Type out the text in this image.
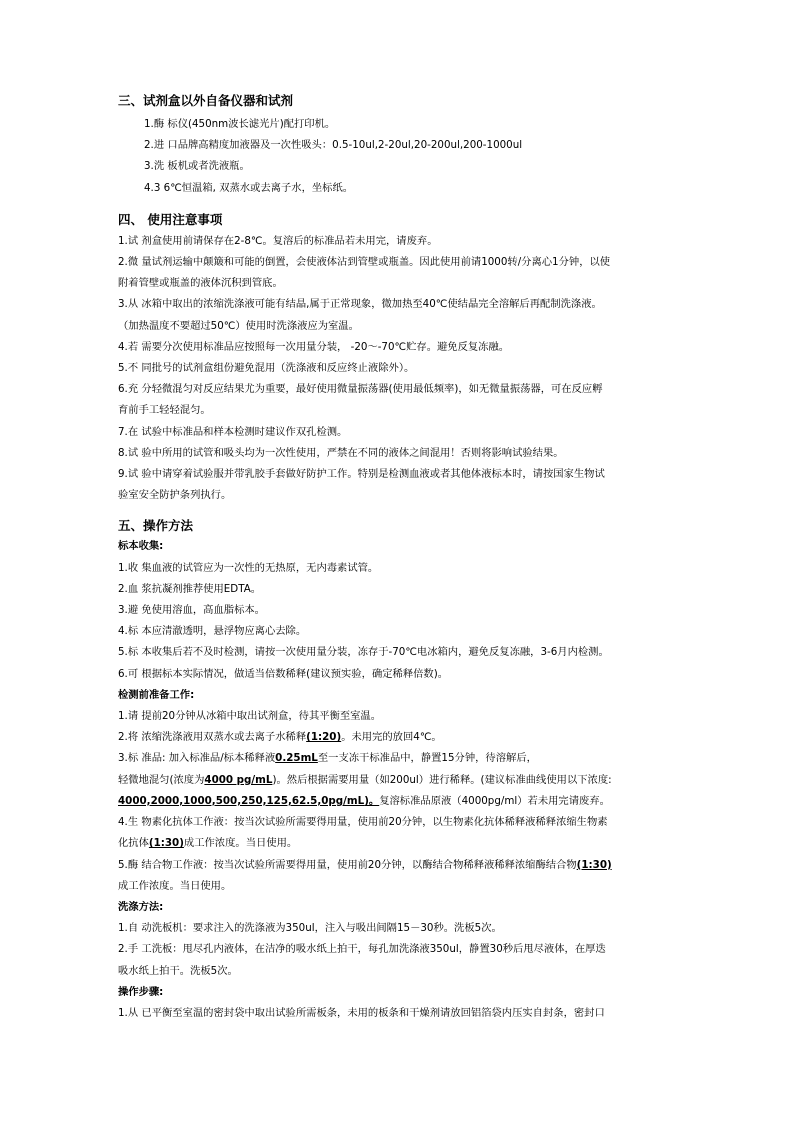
三、试剂盒以外自备仪器和试剂

1.酶 标仪(450nm波长滤光片)配打印机。

2.进 口品牌高精度加液器及一次性吸头：0.5-10ul,2-20ul,20-200ul,200-1000ul

3.洗 板机或者洗液瓶。

4.3 6℃恒温箱, 双蒸水或去离子水，坐标纸。

四、 使用注意事项

1.试 剂盒使用前请保存在2-8℃。复溶后的标准品若未用完，请废弃。

2.微 量试剂运输中颠簸和可能的倒置，会使液体沾到管壁或瓶盖。因此使用前请1000转/分离心1分钟，以使

附着管壁或瓶盖的液体沉积到管底。

3.从 冰箱中取出的浓缩洗涤液可能有结晶,属于正常现象，微加热至40℃使结晶完全溶解后再配制洗涤液。

（加热温度不要超过50℃）使用时洗涤液应为室温。

4.若 需要分次使用标准品应按照每一次用量分装， -20～-70℃贮存。避免反复冻融。

5.不 同批号的试剂盒组份避免混用（洗涤液和反应终止液除外）。

6.充 分轻微混匀对反应结果尤为重要，最好使用微量振荡器(使用最低频率)，如无微量振荡器，可在反应孵

育前手工轻轻混匀。

7.在 试验中标准品和样本检测时建议作双孔检测。

8.试 验中所用的试管和吸头均为一次性使用，严禁在不同的液体之间混用！否则将影响试验结果。

9.试 验中请穿着试验服并带乳胶手套做好防护工作。特别是检测血液或者其他体液标本时，请按国家生物试

验室安全防护条列执行。

五、操作方法

标本收集:

1.收 集血液的试管应为一次性的无热原，无内毒素试管。

2.血 浆抗凝剂推荐使用EDTA。

3.避 免使用溶血，高血脂标本。

4.标 本应清澈透明，悬浮物应离心去除。

5.标 本收集后若不及时检测，请按一次使用量分装，冻存于-70℃电冰箱内，避免反复冻融，3-6月内检测。

6.可 根据标本实际情况，做适当倍数稀释(建议预实验，确定稀释倍数)。

检测前准备工作:

1.请 提前20分钟从冰箱中取出试剂盒，待其平衡至室温。

2.将 浓缩洗涤液用双蒸水或去离子水稀释(1:20)。未用完的放回4℃。

3.标 准品: 加入标准品/标本稀释液0.25mL至一支冻干标准品中，静置15分钟，待溶解后，

轻微地混匀(浓度为4000 pg/mL)。然后根据需要用量（如200ul）进行稀释。(建议标准曲线使用以下浓度:

4000,2000,1000,500,250,125,62.5,0pg/mL)。复溶标准品原液（4000pg/ml）若未用完请废弃。

4.生 物素化抗体工作液：按当次试验所需要得用量，使用前20分钟，以生物素化抗体稀释液稀释浓缩生物素

化抗体(1:30)成工作浓度。当日使用。

5.酶 结合物工作液：按当次试验所需要得用量，使用前20分钟，以酶结合物稀释液稀释浓缩酶结合物(1:30)

成工作浓度。当日使用。

洗涤方法:

1.自 动洗板机：要求注入的洗涤液为350ul，注入与吸出间隔15－30秒。洗板5次。

2.手 工洗板：甩尽孔内液体，在洁净的吸水纸上拍干，每孔加洗涤液350ul，静置30秒后甩尽液体，在厚迭

吸水纸上拍干。洗板5次。

操作步骤:

1.从 已平衡至室温的密封袋中取出试验所需板条，未用的板条和干燥剂请放回铝箔袋内压实自封条，密封口
